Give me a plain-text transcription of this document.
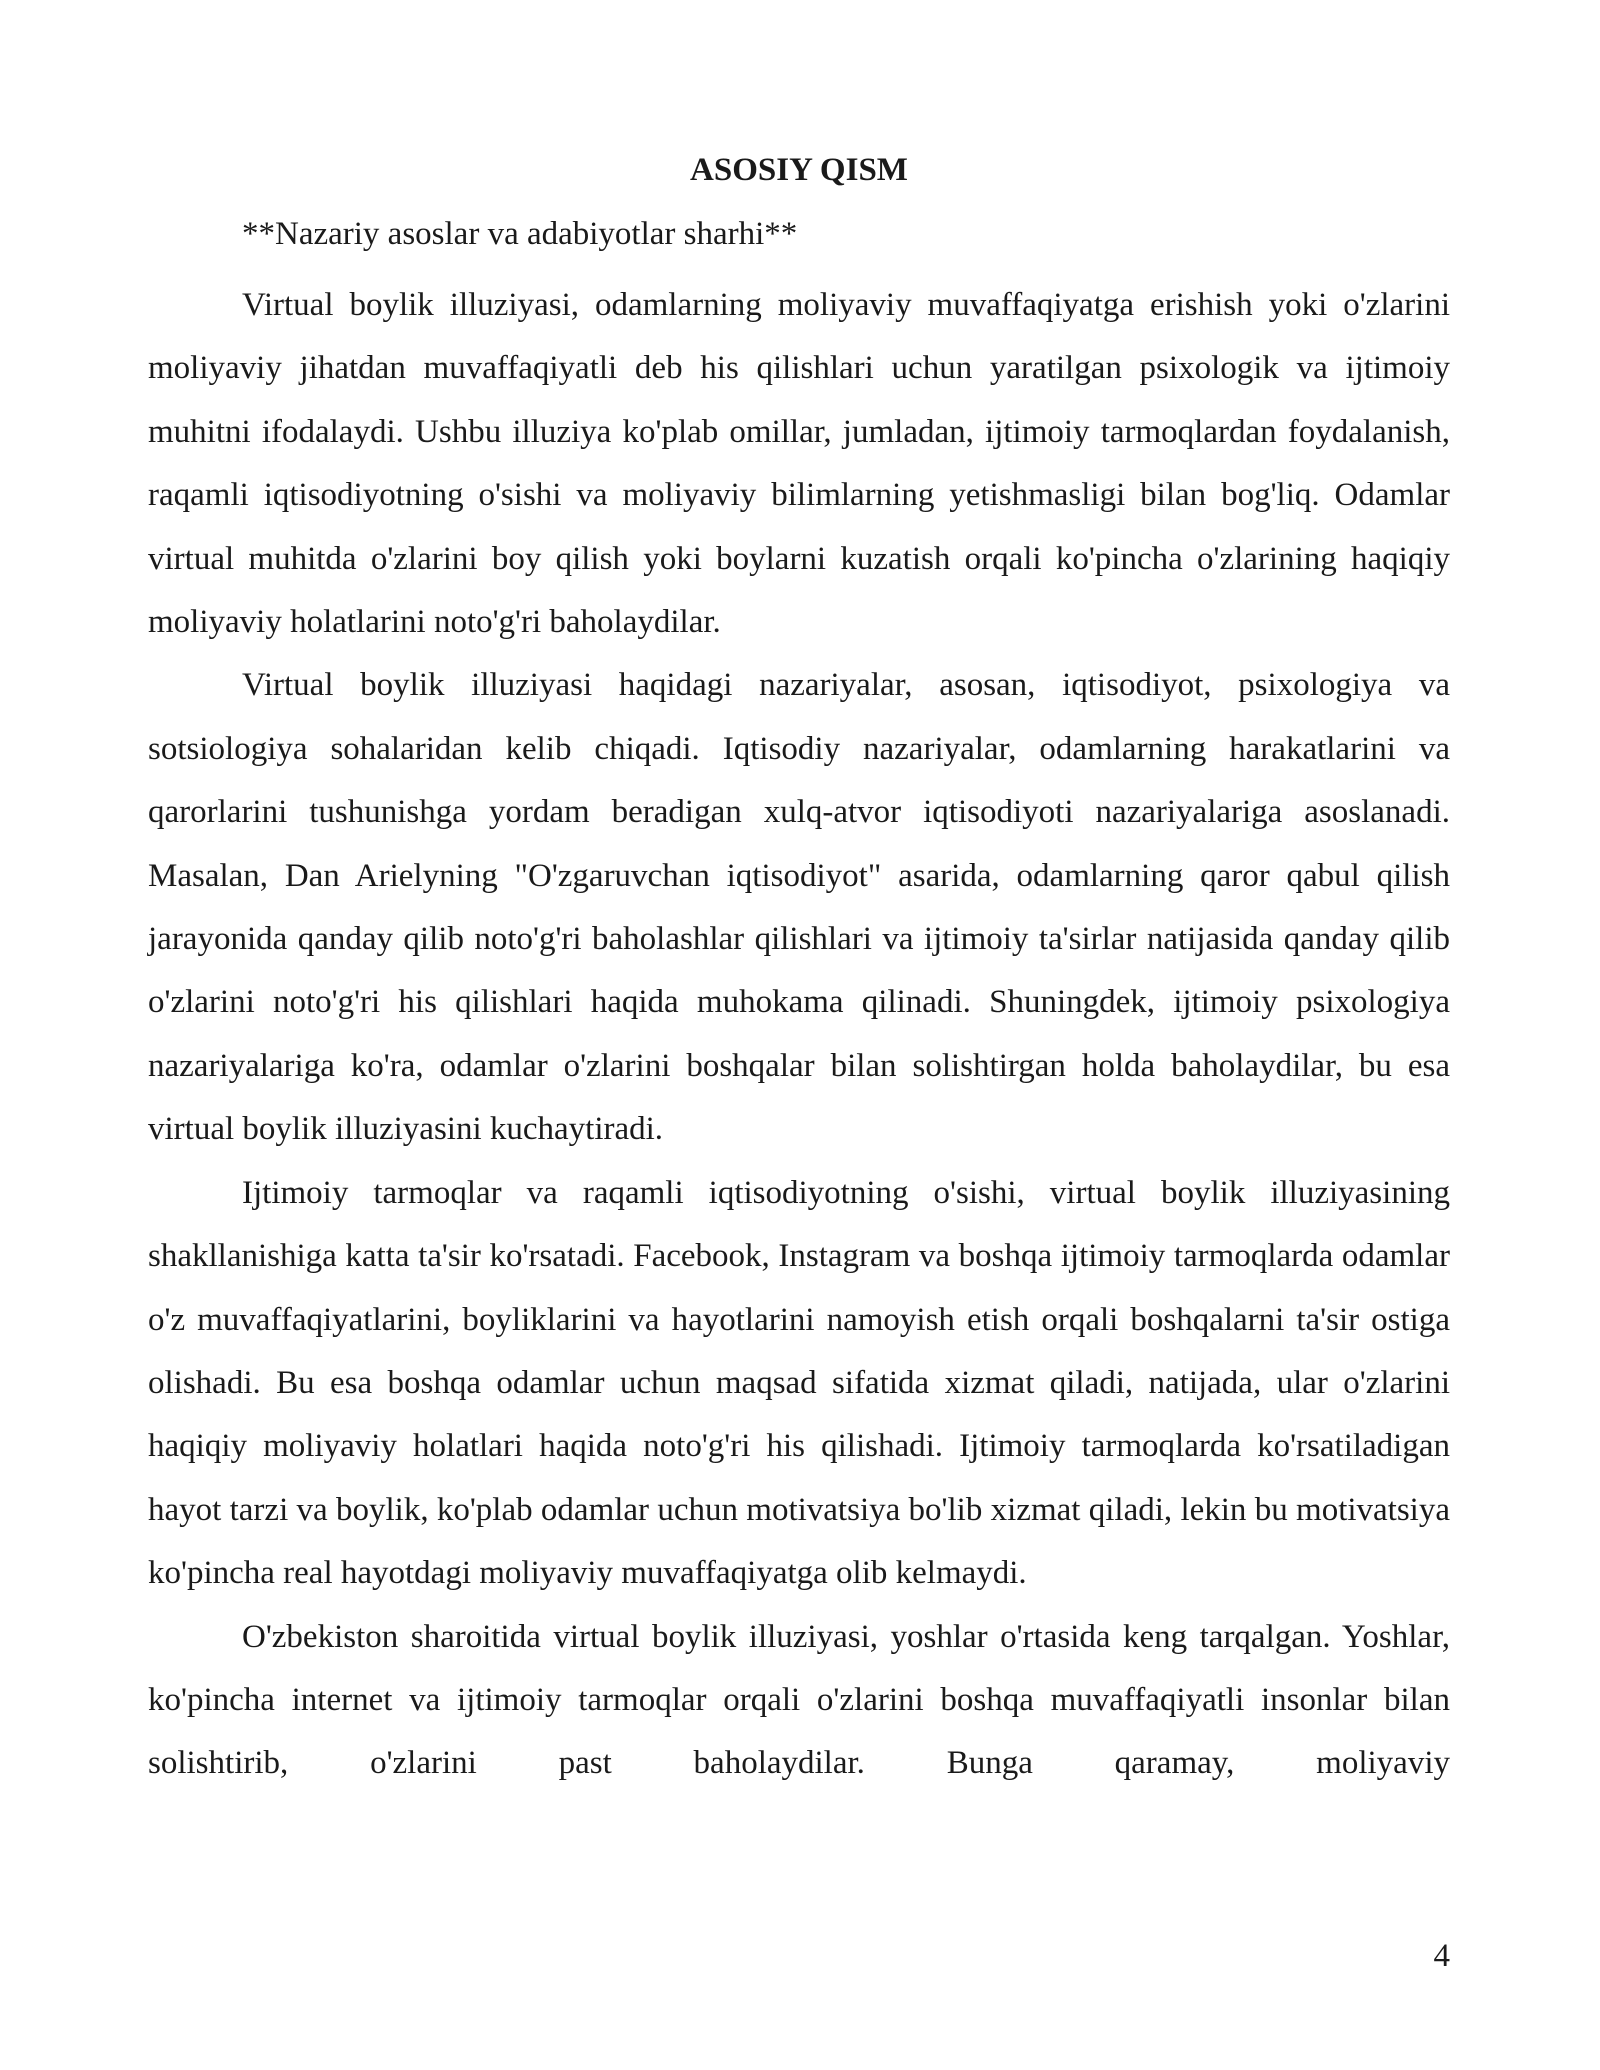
ASOSIY QISM
**Nazariy asoslar va adabiyotlar sharhi**

Virtual boylik illuziyasi, odamlarning moliyaviy muvaffaqiyatga erishish yoki o'zlarini moliyaviy jihatdan muvaffaqiyatli deb his qilishlari uchun yaratilgan psixologik va ijtimoiy muhitni ifodalaydi. Ushbu illuziya ko'plab omillar, jumladan, ijtimoiy tarmoqlardan foydalanish, raqamli iqtisodiyotning o'sishi va moliyaviy bilimlarning yetishmasligi bilan bog'liq. Odamlar virtual muhitda o'zlarini boy qilish yoki boylarni kuzatish orqali ko'pincha o'zlarining haqiqiy moliyaviy holatlarini noto'g'ri baholaydilar.

Virtual boylik illuziyasi haqidagi nazariyalar, asosan, iqtisodiyot, psixologiya va sotsiologiya sohalaridan kelib chiqadi. Iqtisodiy nazariyalar, odamlarning harakatlarini va qarorlarini tushunishga yordam beradigan xulq-atvor iqtisodiyoti nazariyalariga asoslanadi. Masalan, Dan Arielyning "O'zgaruvchan iqtisodiyot" asarida, odamlarning qaror qabul qilish jarayonida qanday qilib noto'g'ri baholashlar qilishlari va ijtimoiy ta'sirlar natijasida qanday qilib o'zlarini noto'g'ri his qilishlari haqida muhokama qilinadi. Shuningdek, ijtimoiy psixologiya nazariyalariga ko'ra, odamlar o'zlarini boshqalar bilan solishtirgan holda baholaydilar, bu esa virtual boylik illuziyasini kuchaytiradi.

Ijtimoiy tarmoqlar va raqamli iqtisodiyotning o'sishi, virtual boylik illuziyasining shakllanishiga katta ta'sir ko'rsatadi. Facebook, Instagram va boshqa ijtimoiy tarmoqlarda odamlar o'z muvaffaqiyatlarini, boyliklarini va hayotlarini namoyish etish orqali boshqalarni ta'sir ostiga olishadi. Bu esa boshqa odamlar uchun maqsad sifatida xizmat qiladi, natijada, ular o'zlarini haqiqiy moliyaviy holatlari haqida noto'g'ri his qilishadi. Ijtimoiy tarmoqlarda ko'rsatiladigan hayot tarzi va boylik, ko'plab odamlar uchun motivatsiya bo'lib xizmat qiladi, lekin bu motivatsiya ko'pincha real hayotdagi moliyaviy muvaffaqiyatga olib kelmaydi.

O'zbekiston sharoitida virtual boylik illuziyasi, yoshlar o'rtasida keng tarqalgan. Yoshlar, ko'pincha internet va ijtimoiy tarmoqlar orqali o'zlarini boshqa muvaffaqiyatli insonlar bilan solishtirib, o'zlarini past baholaydilar. Bunga qaramay, moliyaviy

4
